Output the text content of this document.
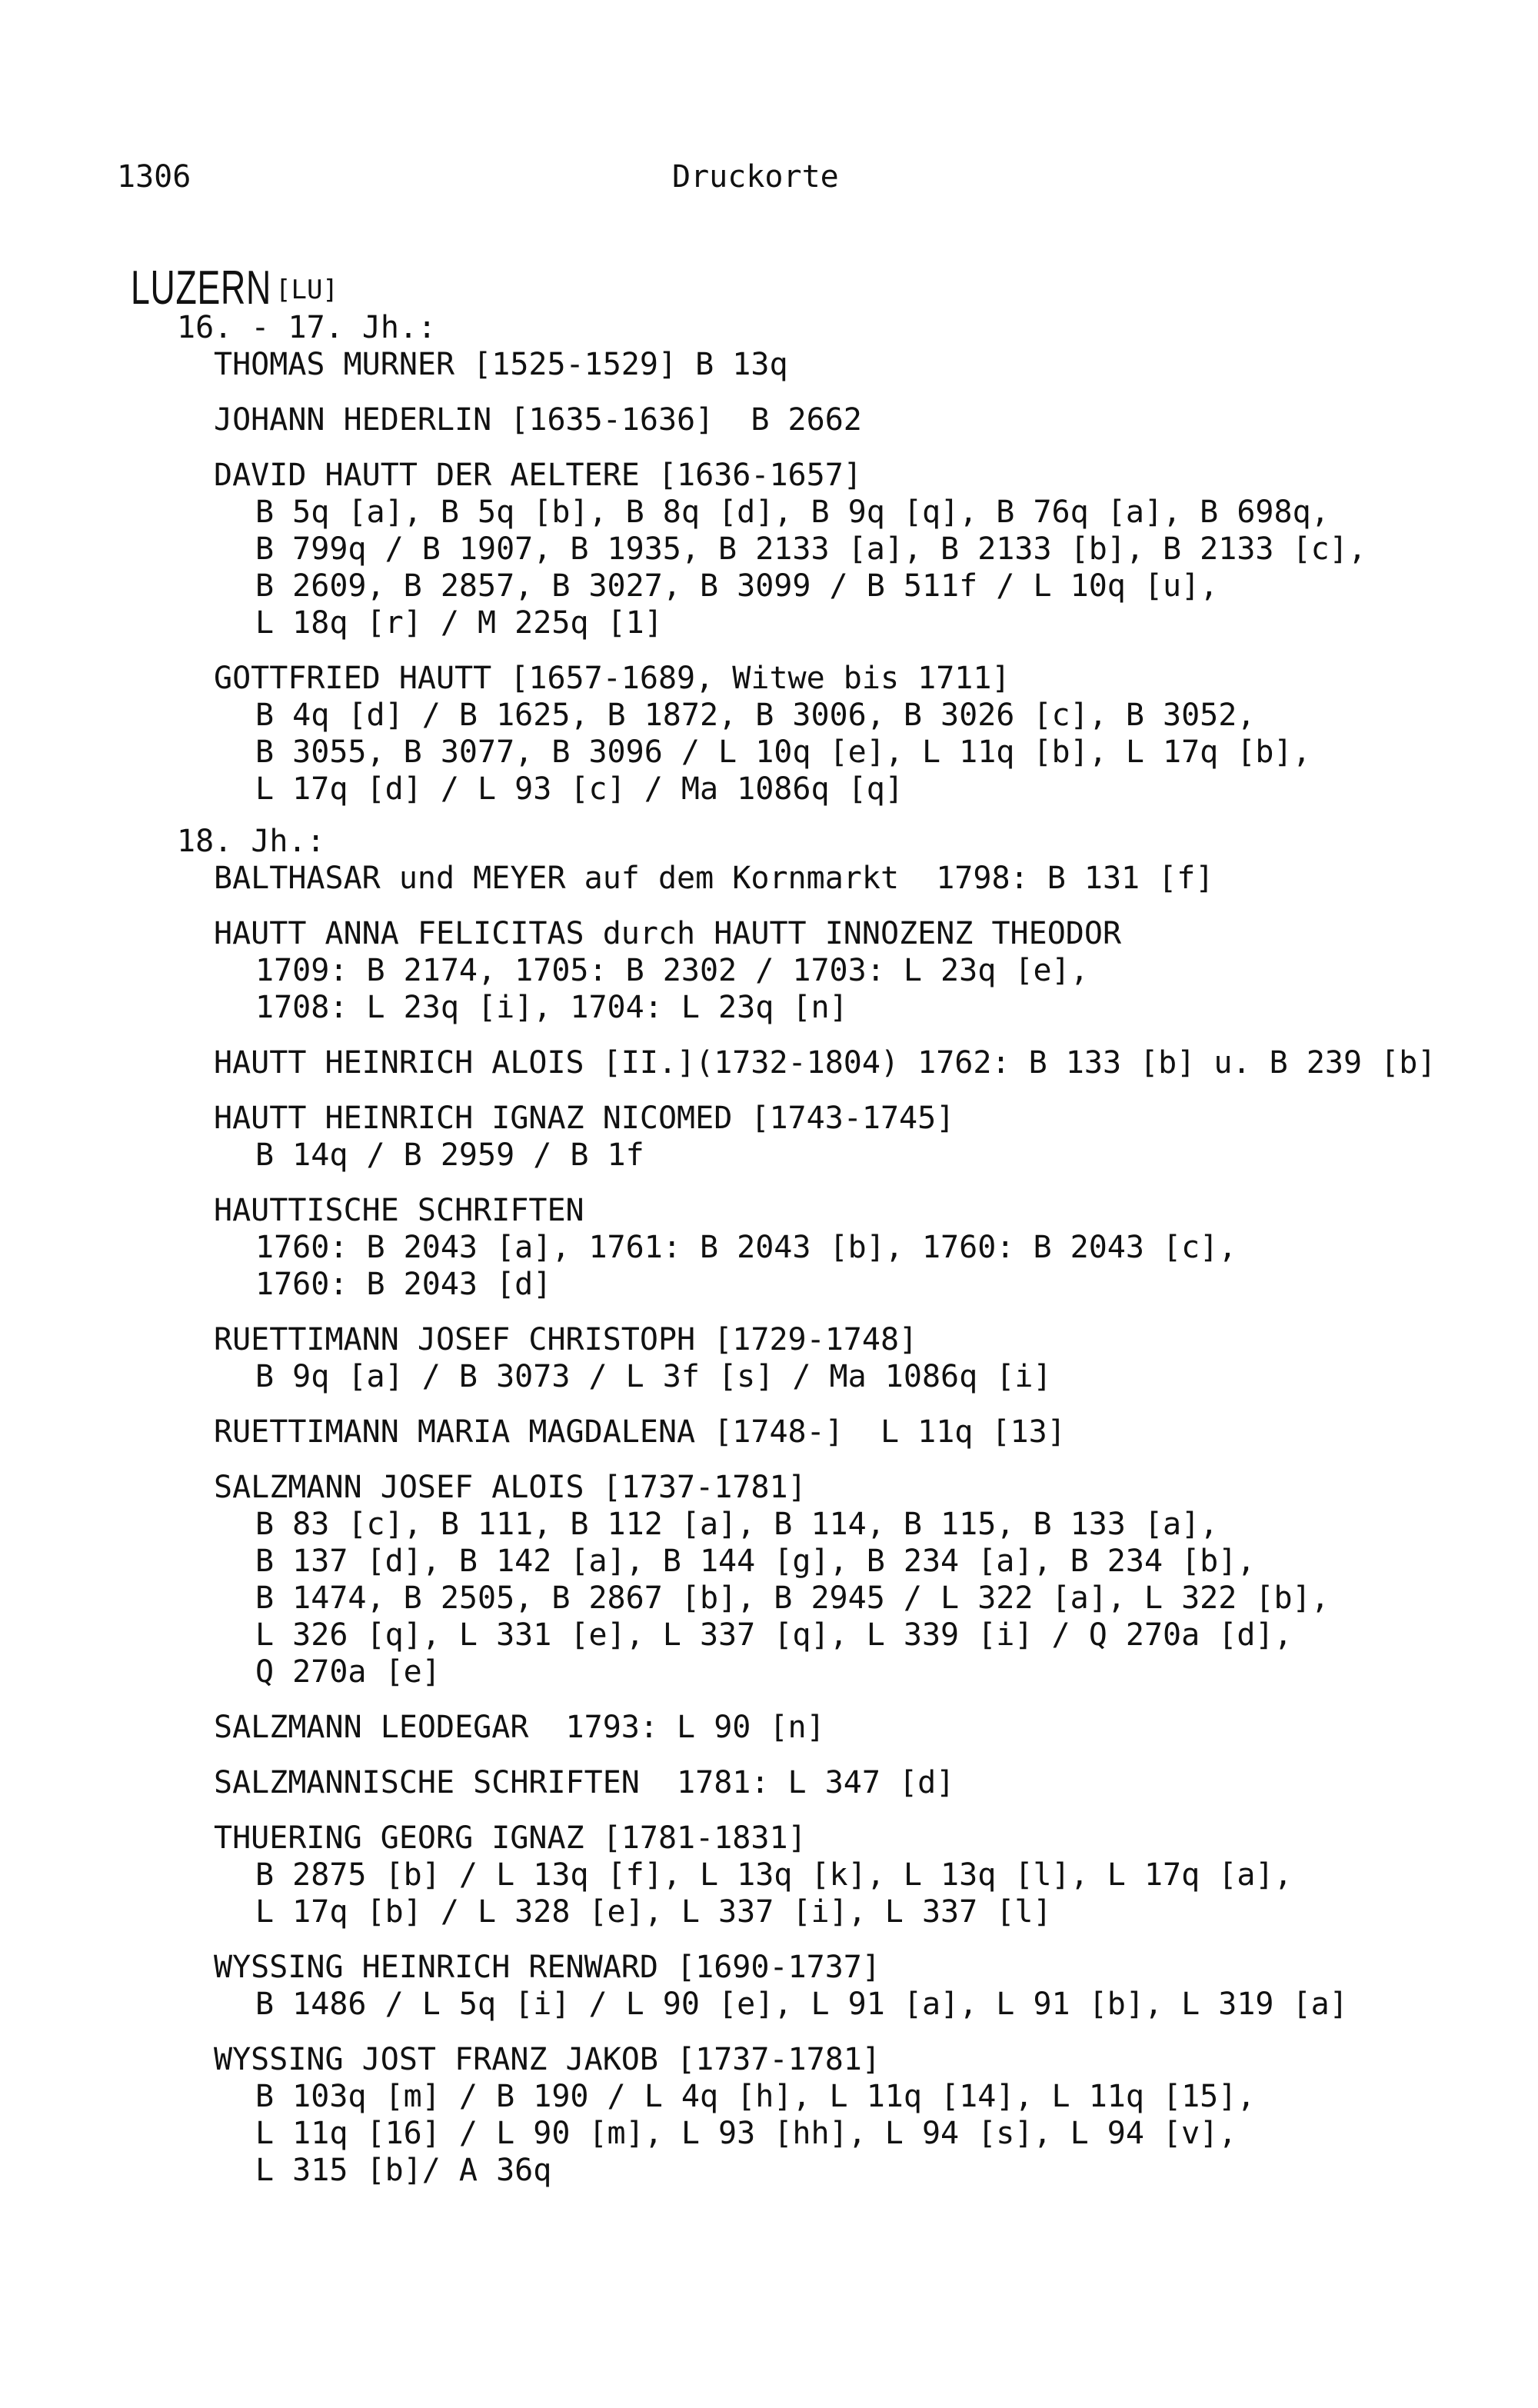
1306	Druckorte
LUZERN [LU]
16. - 17. Jh.:
THOMAS MURNER [1525-1529] B 13q
JOHANN HEDERLIN [1635-1636]  B 2662
DAVID HAUTT DER AELTERE [1636-1657]
B 5q [a], B 5q [b], B 8q [d], B 9q [q], B 76q [a], B 698q,
B 799q / B 1907, B 1935, B 2133 [a], B 2133 [b], B 2133 [c],
B 2609, B 2857, B 3027, B 3099 / B 511f / L 10q [u],
L 18q [r] / M 225q [1]
GOTTFRIED HAUTT [1657-1689, Witwe bis 1711]
B 4q [d] / B 1625, B 1872, B 3006, B 3026 [c], B 3052,
B 3055, B 3077, B 3096 / L 10q [e], L 11q [b], L 17q [b],
L 17q [d] / L 93 [c] / Ma 1086q [q]
18. Jh.:
BALTHASAR und MEYER auf dem Kornmarkt  1798: B 131 [f]
HAUTT ANNA FELICITAS durch HAUTT INNOZENZ THEODOR
1709: B 2174, 1705: B 2302 / 1703: L 23q [e],
1708: L 23q [i], 1704: L 23q [n]
HAUTT HEINRICH ALOIS [II.](1732-1804) 1762: B 133 [b] u. B 239 [b]
HAUTT HEINRICH IGNAZ NICOMED [1743-1745]
B 14q / B 2959 / B 1f
HAUTTISCHE SCHRIFTEN
1760: B 2043 [a], 1761: B 2043 [b], 1760: B 2043 [c],
1760: B 2043 [d]
RUETTIMANN JOSEF CHRISTOPH [1729-1748]
B 9q [a] / B 3073 / L 3f [s] / Ma 1086q [i]
RUETTIMANN MARIA MAGDALENA [1748-]  L 11q [13]
SALZMANN JOSEF ALOIS [1737-1781]
B 83 [c], B 111, B 112 [a], B 114, B 115, B 133 [a],
B 137 [d], B 142 [a], B 144 [g], B 234 [a], B 234 [b],
B 1474, B 2505, B 2867 [b], B 2945 / L 322 [a], L 322 [b],
L 326 [q], L 331 [e], L 337 [q], L 339 [i] / Q 270a [d],
Q 270a [e]
SALZMANN LEODEGAR  1793: L 90 [n]
SALZMANNISCHE SCHRIFTEN  1781: L 347 [d]
THUERING GEORG IGNAZ [1781-1831]
B 2875 [b] / L 13q [f], L 13q [k], L 13q [l], L 17q [a],
L 17q [b] / L 328 [e], L 337 [i], L 337 [l]
WYSSING HEINRICH RENWARD [1690-1737]
B 1486 / L 5q [i] / L 90 [e], L 91 [a], L 91 [b], L 319 [a]
WYSSING JOST FRANZ JAKOB [1737-1781]
B 103q [m] / B 190 / L 4q [h], L 11q [14], L 11q [15],
L 11q [16] / L 90 [m], L 93 [hh], L 94 [s], L 94 [v],
L 315 [b]/ A 36q
